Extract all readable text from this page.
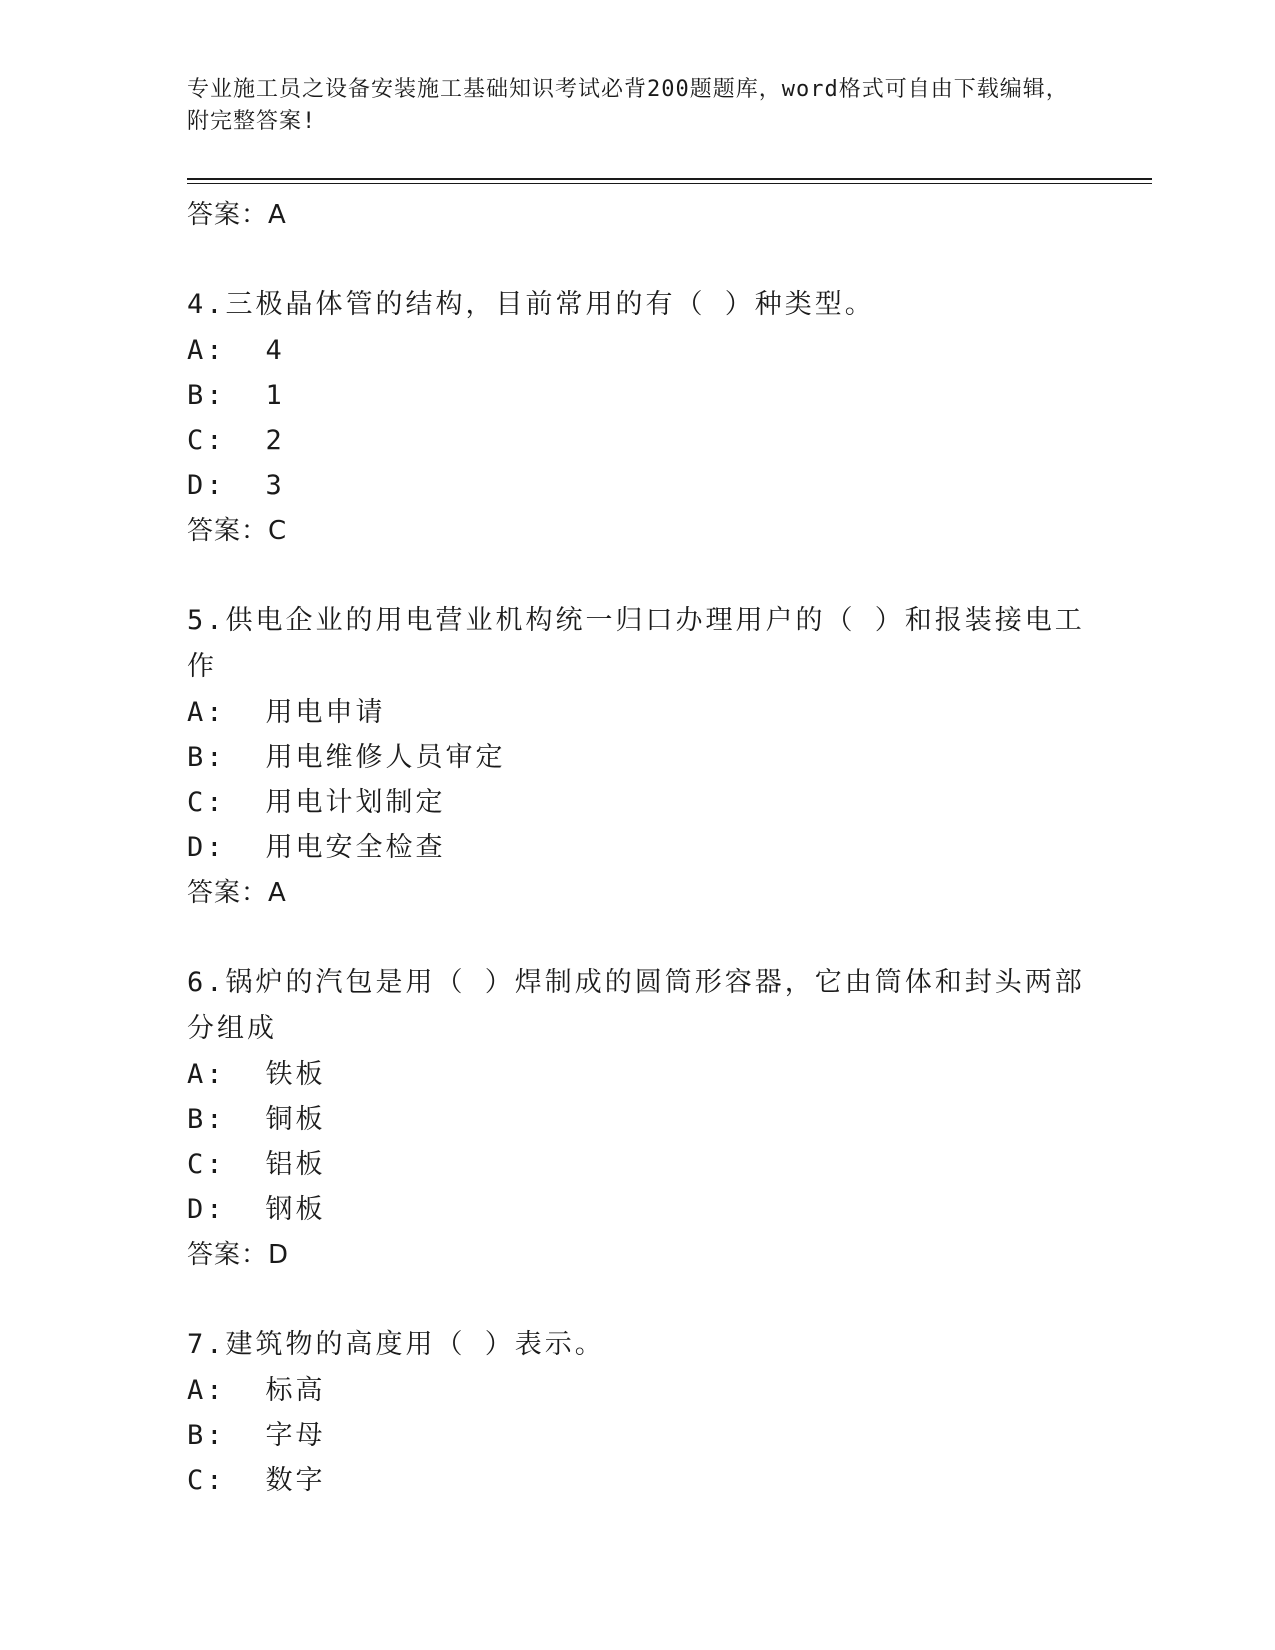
专业施工员之设备安装施工基础知识考试必背200题题库，word格式可自由下载编辑，附完整答案!
答案：A
4.三极晶体管的结构，目前常用的有（ ）种类型。
A: 4
B: 1
C: 2
D: 3
答案：C
5.供电企业的用电营业机构统一归口办理用户的（ ）和报装接电工作
A: 用电申请
B: 用电维修人员审定
C: 用电计划制定
D: 用电安全检查
答案：A
6.锅炉的汽包是用（ ）焊制成的圆筒形容器，它由筒体和封头两部分组成
A: 铁板
B: 铜板
C: 铝板
D: 钢板
答案：D
7.建筑物的高度用（ ）表示。
A: 标高
B: 字母
C: 数字
